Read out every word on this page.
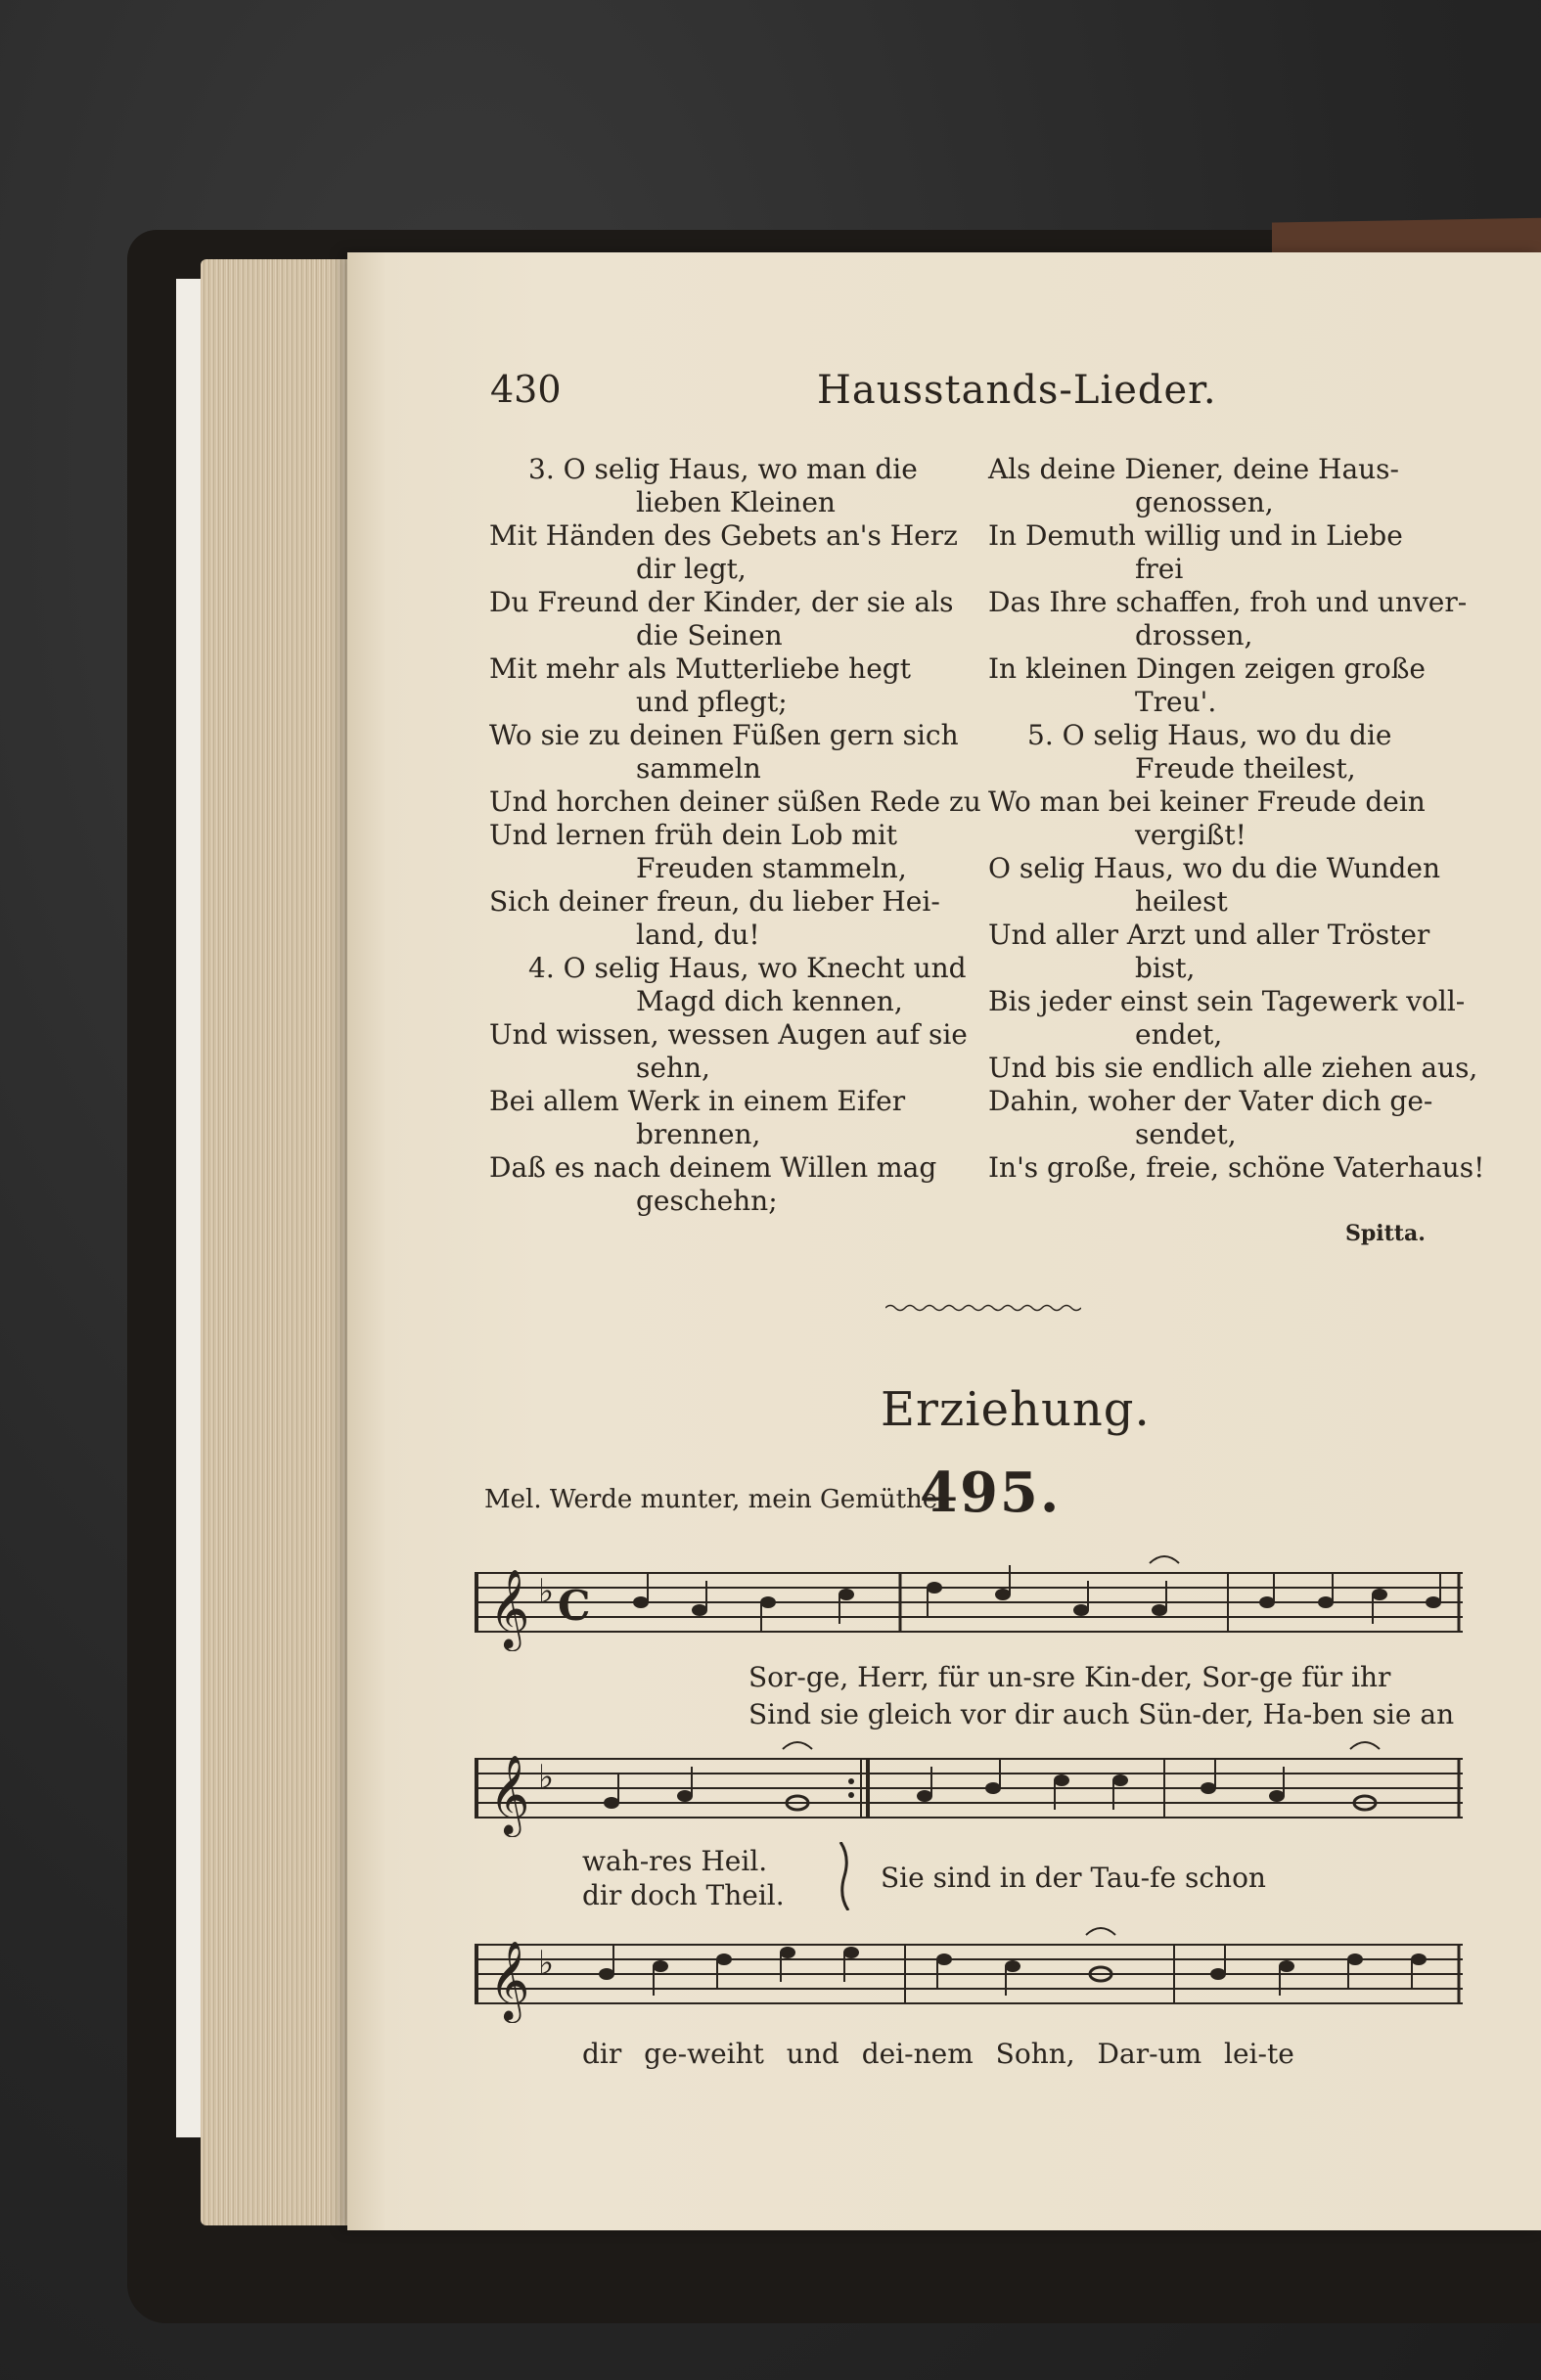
430	Hausstands-Lieder.
3. O selig Haus, wo man die
lieben Kleinen
Mit Händen des Gebets an's Herz
dir legt,
Du Freund der Kinder, der sie als
die Seinen
Mit mehr als Mutterliebe hegt
und pflegt;
Wo sie zu deinen Füßen gern sich
sammeln
Und horchen deiner süßen Rede zu
Und lernen früh dein Lob mit
Freuden stammeln,
Sich deiner freun, du lieber Hei-
land, du!
4. O selig Haus, wo Knecht und
Magd dich kennen,
Und wissen, wessen Augen auf sie
sehn,
Bei allem Werk in einem Eifer
brennen,
Daß es nach deinem Willen mag
geschehn;
Als deine Diener, deine Haus-
genossen,
In Demuth willig und in Liebe
frei
Das Ihre schaffen, froh und unver-
drossen,
In kleinen Dingen zeigen große
Treu'.
5. O selig Haus, wo du die
Freude theilest,
Wo man bei keiner Freude dein
vergißt!
O selig Haus, wo du die Wunden
heilest
Und aller Arzt und aller Tröster
bist,
Bis jeder einst sein Tagewerk voll-
endet,
Und bis sie endlich alle ziehen aus,
Dahin, woher der Vater dich ge-
sendet,
In's große, freie, schöne Vaterhaus!
Spitta.
Erziehung.
Mel. Werde munter, mein Gemüthe.
495.
𝄞 ♭ C
Sor-ge, Herr, für un-sre Kin-der, Sor-ge für ihr
Sind sie gleich vor dir auch Sün-der, Ha-ben sie an
𝄞 ♭
wah-res Heil.
dir doch Theil.
Sie sind in der Tau-fe schon
𝄞 ♭
dir ge-weiht und dei-nem Sohn, Dar-um lei-te
